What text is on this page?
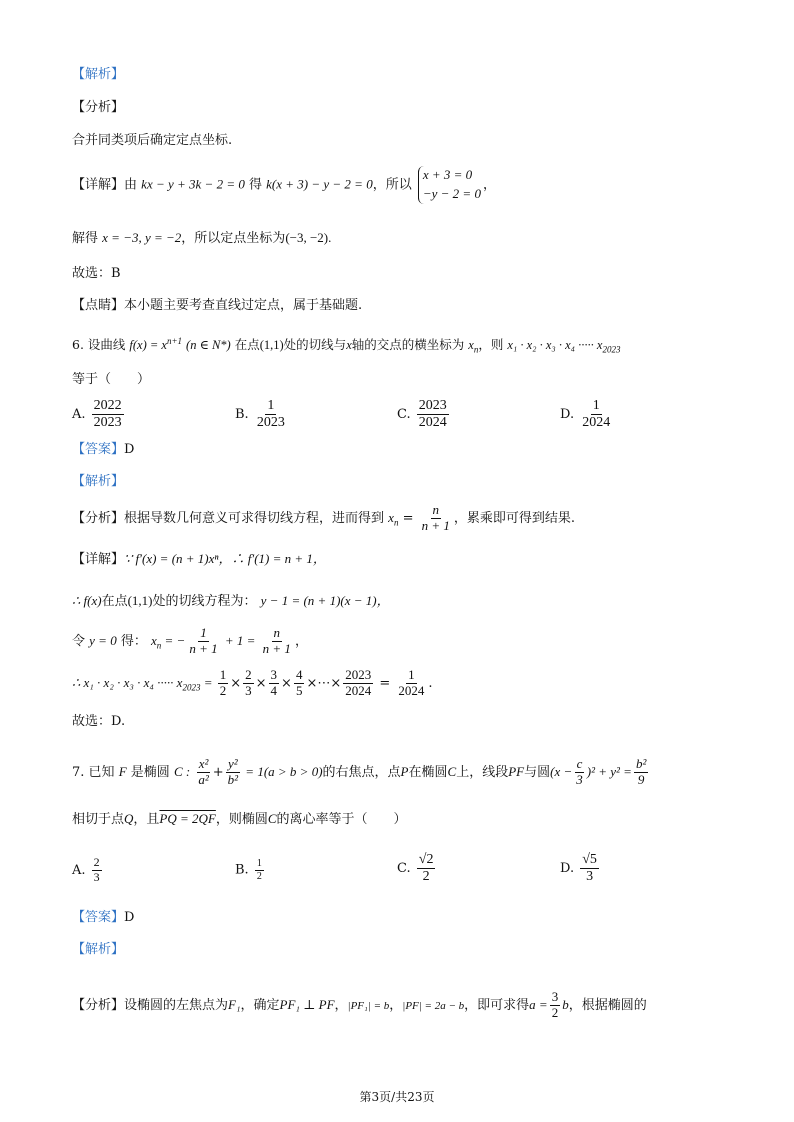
【解析】
【分析】
合并同类项后确定定点坐标.
【详解】由 kx − y + 3k − 2 = 0 得 k(x + 3) − y − 2 = 0，所以
x + 3 = 0
−y − 2 = 0
，
解得 x = −3, y = −2，所以定点坐标为(−3, −2).
故选：B
【点睛】本小题主要考查直线过定点，属于基础题.
6. 设曲线 $f(x) = x^{n+1}$ (n ∈ N*) 在点(1,1)处的切线与x轴的交点的横坐标为 $x_n$，则 x₁ · x₂ · x₃ · x₄ ····· $x_{2023}$
等于（　　）
A. $\frac{2022}{2023}$	B. $\frac{1}{2023}$	C. $\frac{2023}{2024}$	D. $\frac{1}{2024}$
【答案】D
【解析】
【分析】根据导数几何意义可求得切线方程，进而得到 $x_n = \frac{n}{n + 1}$ ，累乘即可得到结果.
【详解】∵ f′(x) = (n + 1)xⁿ，∴ f′(1) = n + 1，
∴ f(x)在点(1,1)处的切线方程为： y − 1 = (n + 1)(x − 1)，
令 y = 0 得： $x_n$ = − $\frac{1}{n + 1} + 1 = \frac{n}{n + 1}$ ，
∴ x₁ · x₂ · x₃ · x₄ ····· $x_{2023} = \frac{1}{2} \times \frac{2}{3} \times \frac{3}{4} \times \frac{4}{5}$ ×⋯× $\frac{2023}{2024} = \frac{1}{2024}$ .
故选：D.
7. 已知 F 是椭圆 C : $\frac{\text{x²}}{\text{a²}} + \frac{\text{y²}}{\text{b²}} = 1(a > b > 0)$的右焦点，点P在椭圆C上，线段PF与圆$(x - \frac{c}{3} )^2 + y^2 = \frac{\text{b²}}{9}$
相切于点Q，且PQ = 2QF，则椭圆C的离心率等于（　　）
A. $\frac{2}{3}$	B. $\frac{1}{2}$	C. $\frac{√2}{2}$	D. $\frac{√5}{3}$
【答案】D
【解析】
【分析】设椭圆的左焦点为F₁，确定PF₁ ⊥ PF，|PF₁| = b，|PF| = 2a − b，即可求得$a = \frac{3}{2}$ b，根据椭圆的
第3页/共23页
